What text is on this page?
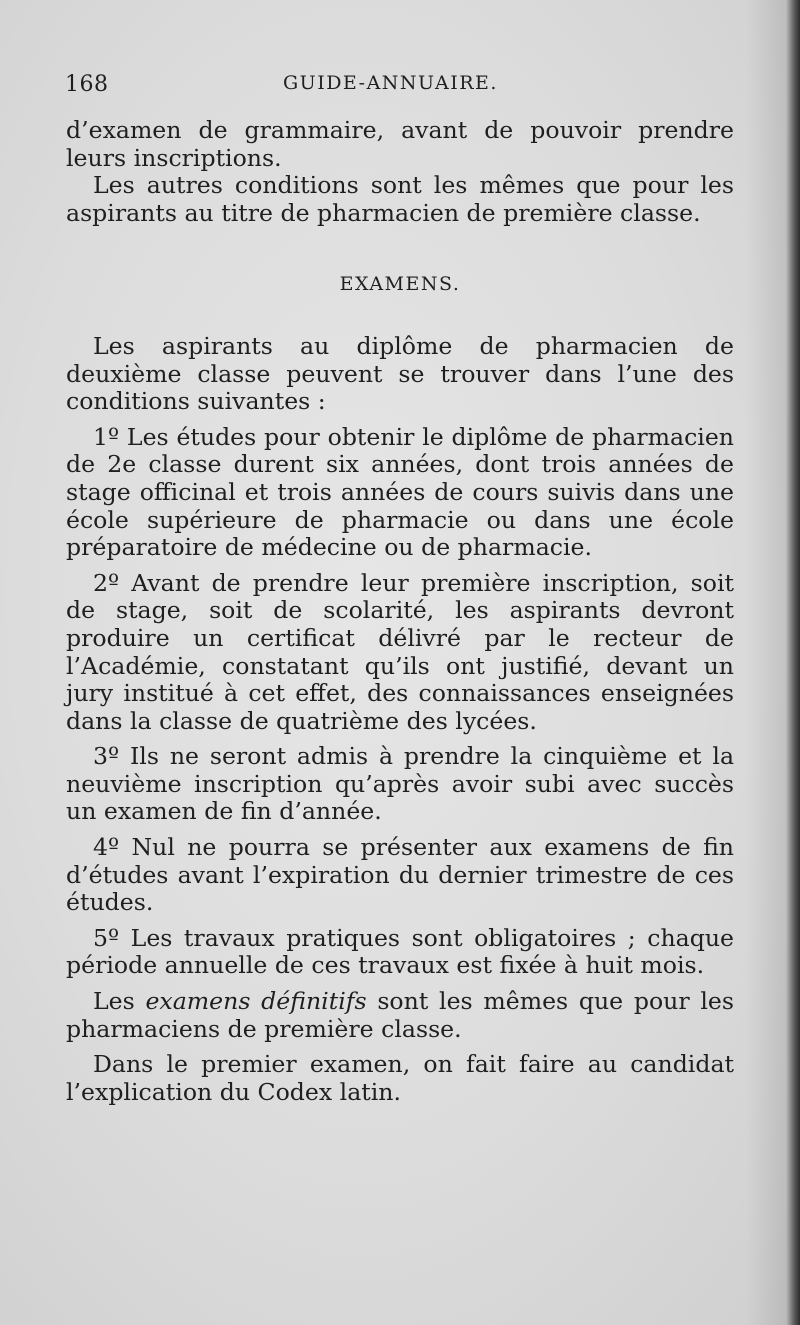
168	GUIDE-ANNUAIRE.

d’examen de grammaire, avant de pouvoir prendre leurs inscriptions.

Les autres conditions sont les mêmes que pour les aspirants au titre de pharmacien de première classe.

EXAMENS.

Les aspirants au diplôme de pharmacien de deuxième classe peuvent se trouver dans l’une des conditions suivantes :

1º Les études pour obtenir le diplôme de pharmacien de 2e classe durent six années, dont trois années de stage officinal et trois années de cours suivis dans une école supérieure de pharmacie ou dans une école préparatoire de médecine ou de pharmacie.

2º Avant de prendre leur première inscription, soit de stage, soit de scolarité, les aspirants devront produire un certificat délivré par le recteur de l’Académie, constatant qu’ils ont justifié, devant un jury institué à cet effet, des connaissances enseignées dans la classe de quatrième des lycées.

3º Ils ne seront admis à prendre la cinquième et la neuvième inscription qu’après avoir subi avec succès un examen de fin d’année.

4º Nul ne pourra se présenter aux examens de fin d’études avant l’expiration du dernier trimestre de ces études.

5º Les travaux pratiques sont obligatoires ; chaque période annuelle de ces travaux est fixée à huit mois.

Les examens définitifs sont les mêmes que pour les pharmaciens de première classe.

Dans le premier examen, on fait faire au candidat l’explication du Codex latin.
